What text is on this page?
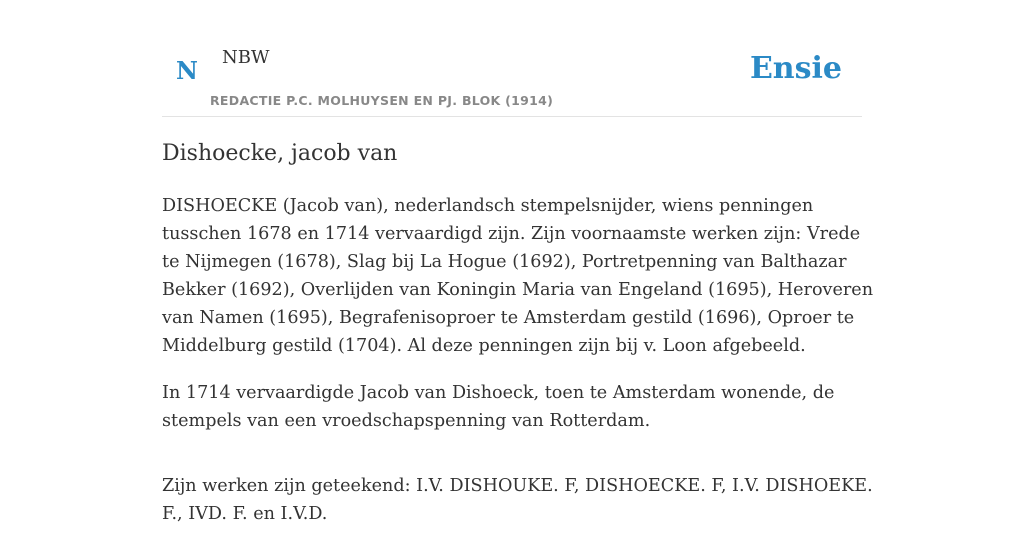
N NBW
REDACTIE P.C. MOLHUYSEN EN PJ. BLOK (1914)
Ensie
Dishoecke, jacob van

DISHOECKE (Jacob van), nederlandsch stempelsnijder, wiens penningen tusschen 1678 en 1714 vervaardigd zijn. Zijn voornaamste werken zijn: Vrede te Nijmegen (1678), Slag bij La Hogue (1692), Portretpenning van Balthazar Bekker (1692), Overlijden van Koningin Maria van Engeland (1695), Heroveren van Namen (1695), Begrafenisoproer te Amsterdam gestild (1696), Oproer te Middelburg gestild (1704). Al deze penningen zijn bij v. Loon afgebeeld.

In 1714 vervaardigde Jacob van Dishoeck, toen te Amsterdam wonende, de stempels van een vroedschapspenning van Rotterdam.

Zijn werken zijn geteekend: I.V. DISHOUKE. F, DISHOECKE. F, I.V. DISHOEKE. F., IVD. F. en I.V.D.
